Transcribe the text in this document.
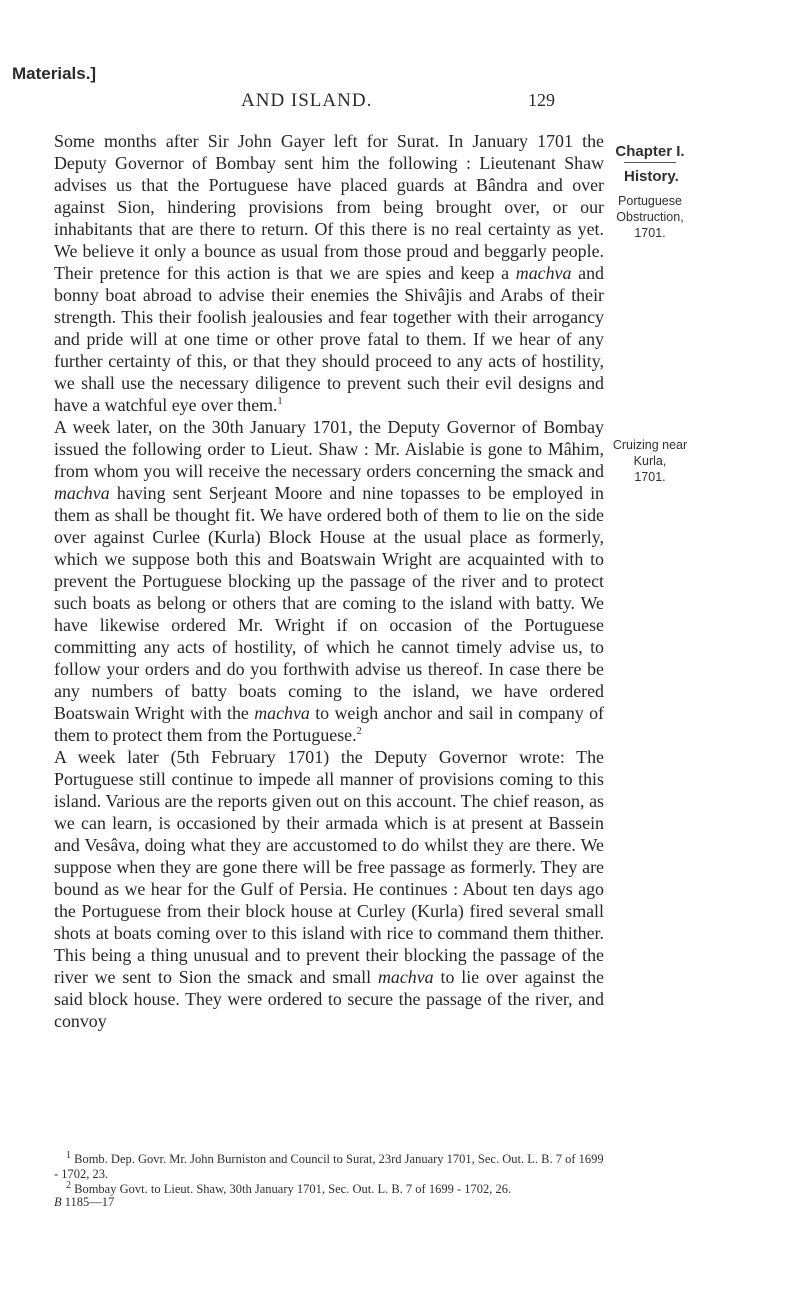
Materials.]
AND ISLAND.	129
Chapter I.
History.
Portuguese
Obstruction,
1701.
Cruizing near
Kurla,
1701.

Some months after Sir John Gayer left for Surat. In January 1701 the Deputy Governor of Bombay sent him the following : Lieutenant Shaw advises us that the Portuguese have placed guards at Bândra and over against Sion, hindering provisions from being brought over, or our inhabitants that are there to return. Of this there is no real certainty as yet. We believe it only a bounce as usual from those proud and beggarly people. Their pretence for this action is that we are spies and keep a machva and bonny boat abroad to advise their enemies the Shivâjis and Arabs of their strength. This their foolish jealousies and fear together with their arrogancy and pride will at one time or other prove fatal to them. If we hear of any further certainty of this, or that they should proceed to any acts of hostility, we shall use the necessary diligence to prevent such their evil designs and have a watchful eye over them.$^1$

A week later, on the 30th January 1701, the Deputy Governor of Bombay issued the following order to Lieut. Shaw : Mr. Aislabie is gone to Mâhim, from whom you will receive the necessary orders concerning the smack and machva having sent Serjeant Moore and nine topasses to be employed in them as shall be thought fit. We have ordered both of them to lie on the side over against Curlee (Kurla) Block House at the usual place as formerly, which we suppose both this and Boatswain Wright are acquainted with to prevent the Portuguese blocking up the passage of the river and to protect such boats as belong or others that are coming to the island with batty. We have likewise ordered Mr. Wright if on occasion of the Portuguese committing any acts of hostility, of which he cannot timely advise us, to follow your orders and do you forthwith advise us thereof. In case there be any numbers of batty boats coming to the island, we have ordered Boatswain Wright with the machva to weigh anchor and sail in company of them to protect them from the Portuguese.$^2$

A week later (5th February 1701) the Deputy Governor wrote: The Portuguese still continue to impede all manner of provisions coming to this island. Various are the reports given out on this account. The chief reason, as we can learn, is occasioned by their armada which is at present at Bassein and Vesâva, doing what they are accustomed to do whilst they are there. We suppose when they are gone there will be free passage as formerly. They are bound as we hear for the Gulf of Persia. He continues : About ten days ago the Portuguese from their block house at Curley (Kurla) fired several small shots at boats coming over to this island with rice to command them thither. This being a thing unusual and to prevent their blocking the passage of the river we sent to Sion the smack and small machva to lie over against the said block house. They were ordered to secure the passage of the river, and convoy

$^1$ Bomb. Dep. Govr. Mr. John Burniston and Council to Surat, 23rd January 1701, Sec. Out. L. B. 7 of 1699 - 1702, 23.

$^2$ Bombay Govt. to Lieut. Shaw, 30th January 1701, Sec. Out. L. B. 7 of 1699 - 1702, 26.

B 1185—17
